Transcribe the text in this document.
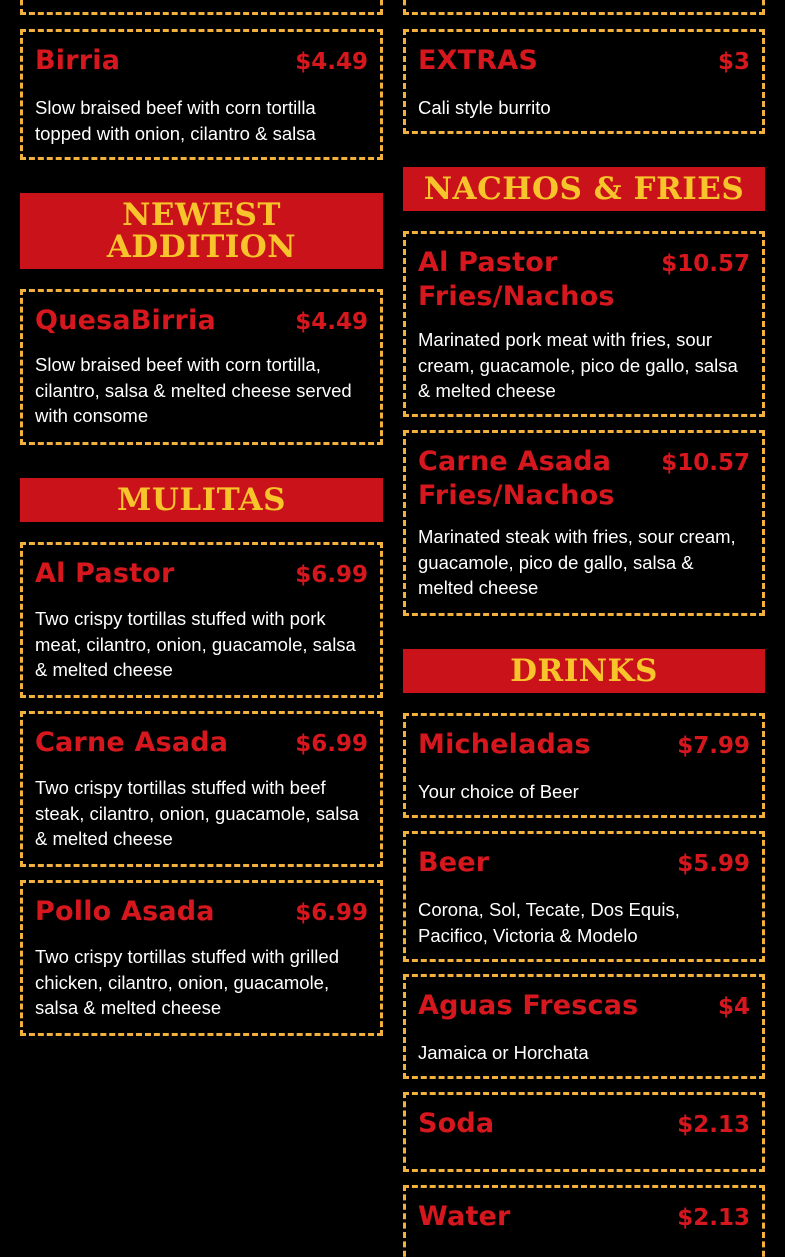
Birria	$4.49
Slow braised beef with corn tortilla topped with onion, cilantro & salsa
NEWEST ADDITION
QuesaBirria	$4.49
Slow braised beef with corn tortilla, cilantro, salsa & melted cheese served with consome
MULITAS
Al Pastor	$6.99
Two crispy tortillas stuffed with pork meat, cilantro, onion, guacamole, salsa & melted cheese
Carne Asada	$6.99
Two crispy tortillas stuffed with beef steak, cilantro, onion, guacamole, salsa & melted cheese
Pollo Asada	$6.99
Two crispy tortillas stuffed with grilled chicken, cilantro, onion, guacamole, salsa & melted cheese
EXTRAS	$3
Cali style burrito
NACHOS & FRIES
Al Pastor Fries/Nachos
$10.57
Marinated pork meat with fries, sour cream, guacamole, pico de gallo, salsa & melted cheese
Carne Asada Fries/Nachos
$10.57
Marinated steak with fries, sour cream, guacamole, pico de gallo, salsa & melted cheese
DRINKS
Micheladas	$7.99
Your choice of Beer
Beer	$5.99
Corona, Sol, Tecate, Dos Equis, Pacifico, Victoria & Modelo
Aguas Frescas	$4
Jamaica or Horchata
Soda	$2.13
Water	$2.13
